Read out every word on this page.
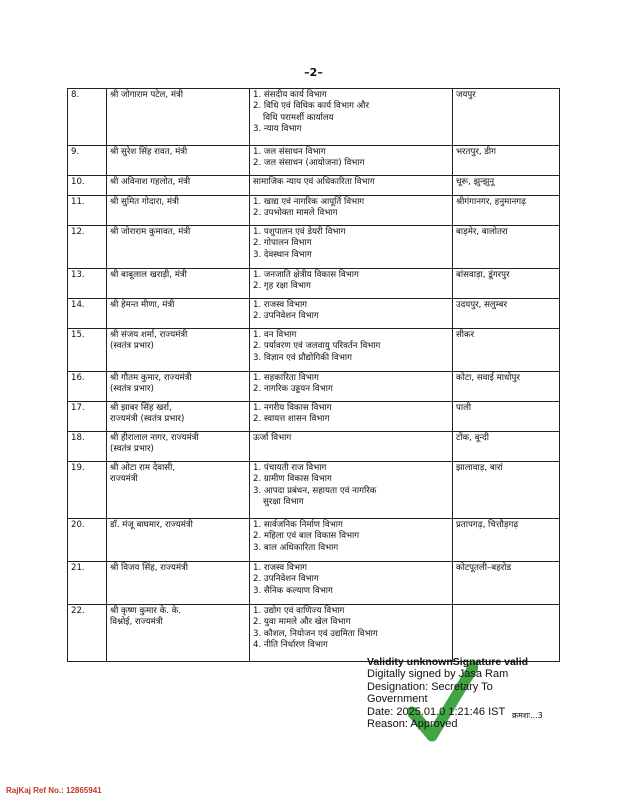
–2–
8.	श्री जोगाराम पटेल, मंत्री	1. संसदीय कार्य विभाग
2. विधि एवं विधिक कार्य विभाग और
विधि परामर्शी कार्यालय
3. न्याय विभाग	जयपुर
9.	श्री सुरेश सिंह रावत, मंत्री	1. जल संसाधन विभाग
2. जल संसाधन (आयोजना) विभाग	भरतपुर, डीग
10.	श्री अविनाश गहलोत, मंत्री	सामाजिक न्याय एवं अधिकारिता विभाग	चूरू, झुन्झुनू
11.	श्री सुमित गोदारा, मंत्री	1. खाद्य एवं नागरिक आपूर्ति विभाग
2. उपभोक्ता मामले विभाग	श्रीगंगानगर, हनुमानगढ़
12.	श्री जोराराम कुमावत, मंत्री	1. पशुपालन एवं डेयरी विभाग
2. गोपालन विभाग
3. देवस्थान विभाग	बाड़मेर, बालोतरा
13.	श्री बाबूलाल खराड़ी, मंत्री	1. जनजाति क्षेत्रीय विकास विभाग
2. गृह रक्षा विभाग	बांसवाड़ा, डूंगरपुर
14.	श्री हेमन्त मीणा, मंत्री	1. राजस्व विभाग
2. उपनिवेशन विभाग	उदयपुर, सलुम्बर
15.	श्री संजय शर्मा, राज्यमंत्री
(स्वतंत्र प्रभार)	1. वन विभाग
2. पर्यावरण एवं जलवायु परिवर्तन विभाग
3. विज्ञान एवं प्रौद्योगिकी विभाग	सीकर
16.	श्री गौतम कुमार, राज्यमंत्री
(स्वतंत्र प्रभार)	1. सहकारिता विभाग
2. नागरिक उड्डयन विभाग	कोटा, सवाई माधोपुर
17.	श्री झाबर सिंह खर्रा,
राज्यमंत्री (स्वतंत्र प्रभार)	1. नगरीय विकास विभाग
2. स्वायत्त शासन विभाग	पाली
18.	श्री हीरालाल नागर, राज्यमंत्री
(स्वतंत्र प्रभार)	ऊर्जा विभाग	टोंक, बून्दी
19.	श्री ओटा राम देवासी,
राज्यमंत्री	1. पंचायती राज विभाग
2. ग्रामीण विकास विभाग
3. आपदा प्रबंधन, सहायता एवं नागरिक
सुरक्षा विभाग	झालावाड़, बारां
20.	डॉ. मंजू बाघमार, राज्यमंत्री	1. सार्वजनिक निर्माण विभाग
2. महिला एवं बाल विकास विभाग
3. बाल अधिकारिता विभाग	प्रतापगढ़, चित्तौड़गढ़
21.	श्री विजय सिंह, राज्यमंत्री	1. राजस्व विभाग
2. उपनिवेशन विभाग
3. सैनिक कल्याण विभाग	कोटपूतली–बहरोड
22.	श्री कृष्ण कुमार के. के.
विश्नोई, राज्यमंत्री	1. उद्योग एवं वाणिज्य विभाग
2. युवा मामले और खेल विभाग
3. कौशल, नियोजन एवं उद्यमिता विभाग
4. नीति निर्धारण विभाग	

Validity unknownSignature valid
Digitally signed by Jasa Ram
Designation: Secretary To
Government
Date: 2025.01.0 1:21:46 IST
Reason: Approved
क्रमशः...3
RajKaj Ref No.: 12865941
